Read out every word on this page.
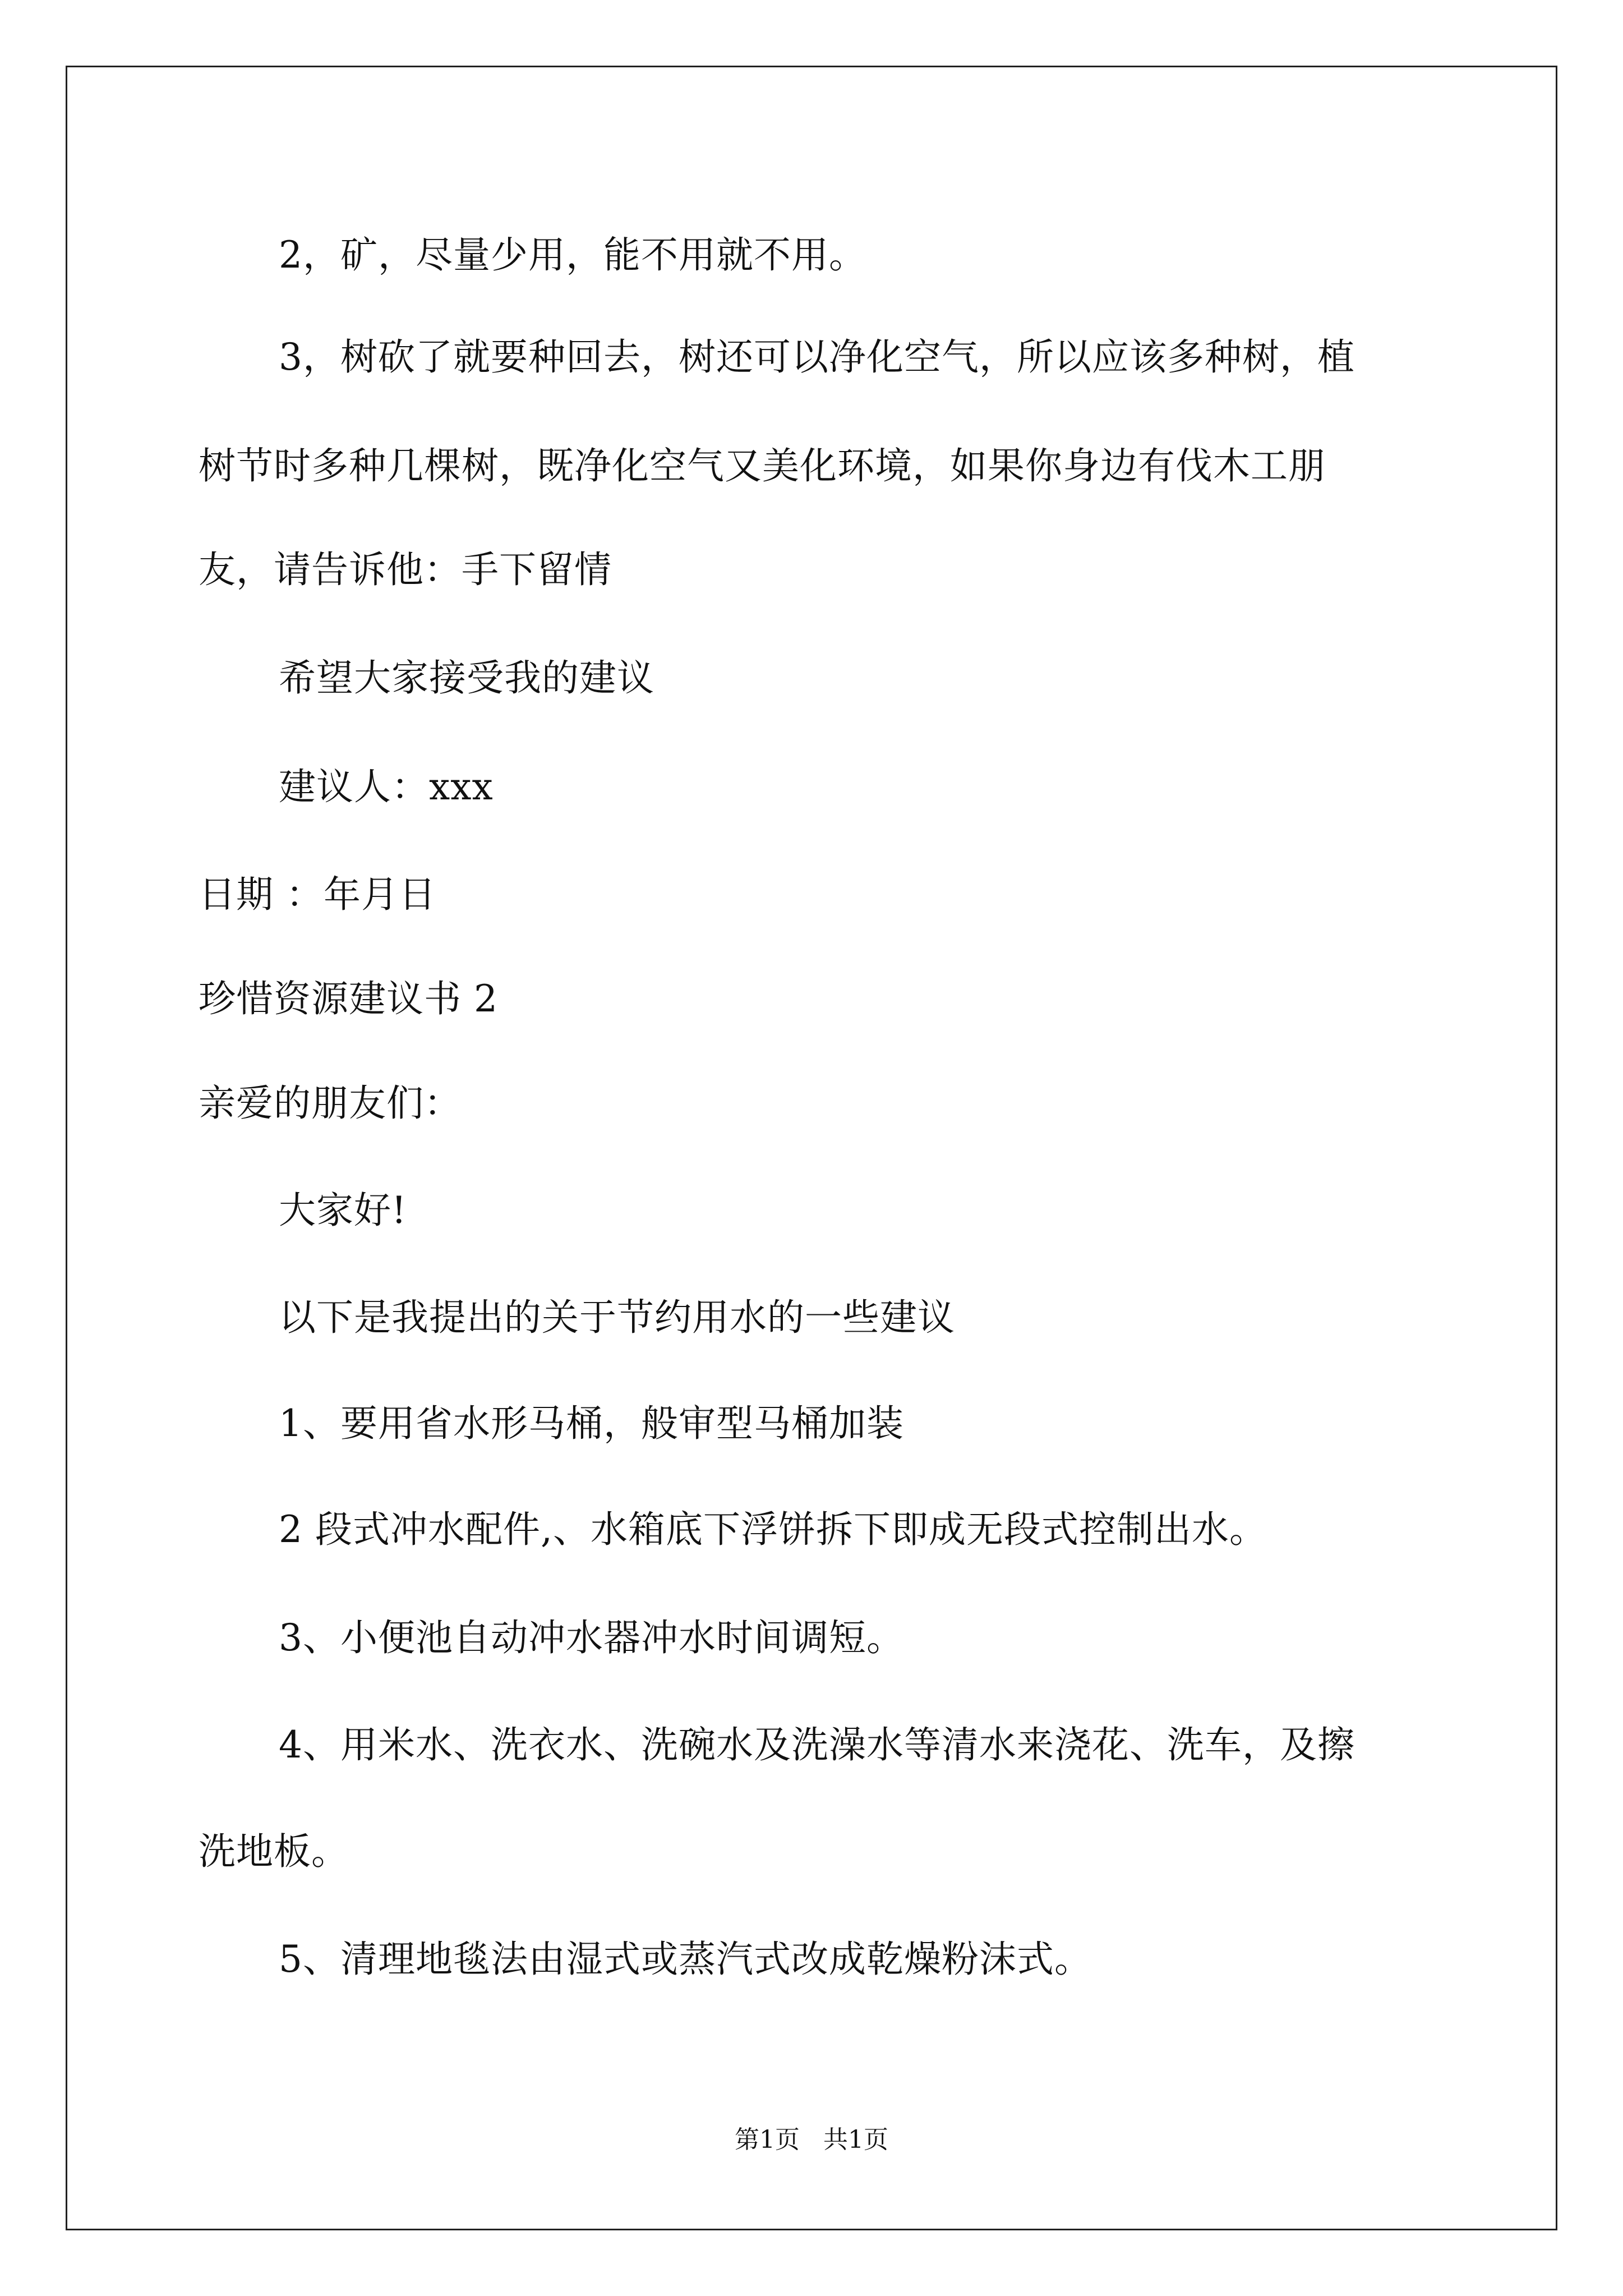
2，矿，尽量少用，能不用就不用。

3，树砍了就要种回去，树还可以净化空气，所以应该多种树，植

树节时多种几棵树，既净化空气又美化环境，如果你身边有伐木工朋

友，请告诉他：手下留情

希望大家接受我的建议

建议人：xxx

日期 ：年月日

珍惜资源建议书 2

亲爱的朋友们：

大家好!

以下是我提出的关于节约用水的一些建议

1、要用省水形马桶，般审型马桶加装

2 段式冲水配件,、水箱底下浮饼拆下即成无段式控制出水。

3、小便池自动冲水器冲水时间调短。

4、用米水、洗衣水、洗碗水及洗澡水等清水来浇花、洗车，及擦

洗地板。

5、清理地毯法由湿式或蒸汽式改成乾燥粉沫式。

第1页   共1页
